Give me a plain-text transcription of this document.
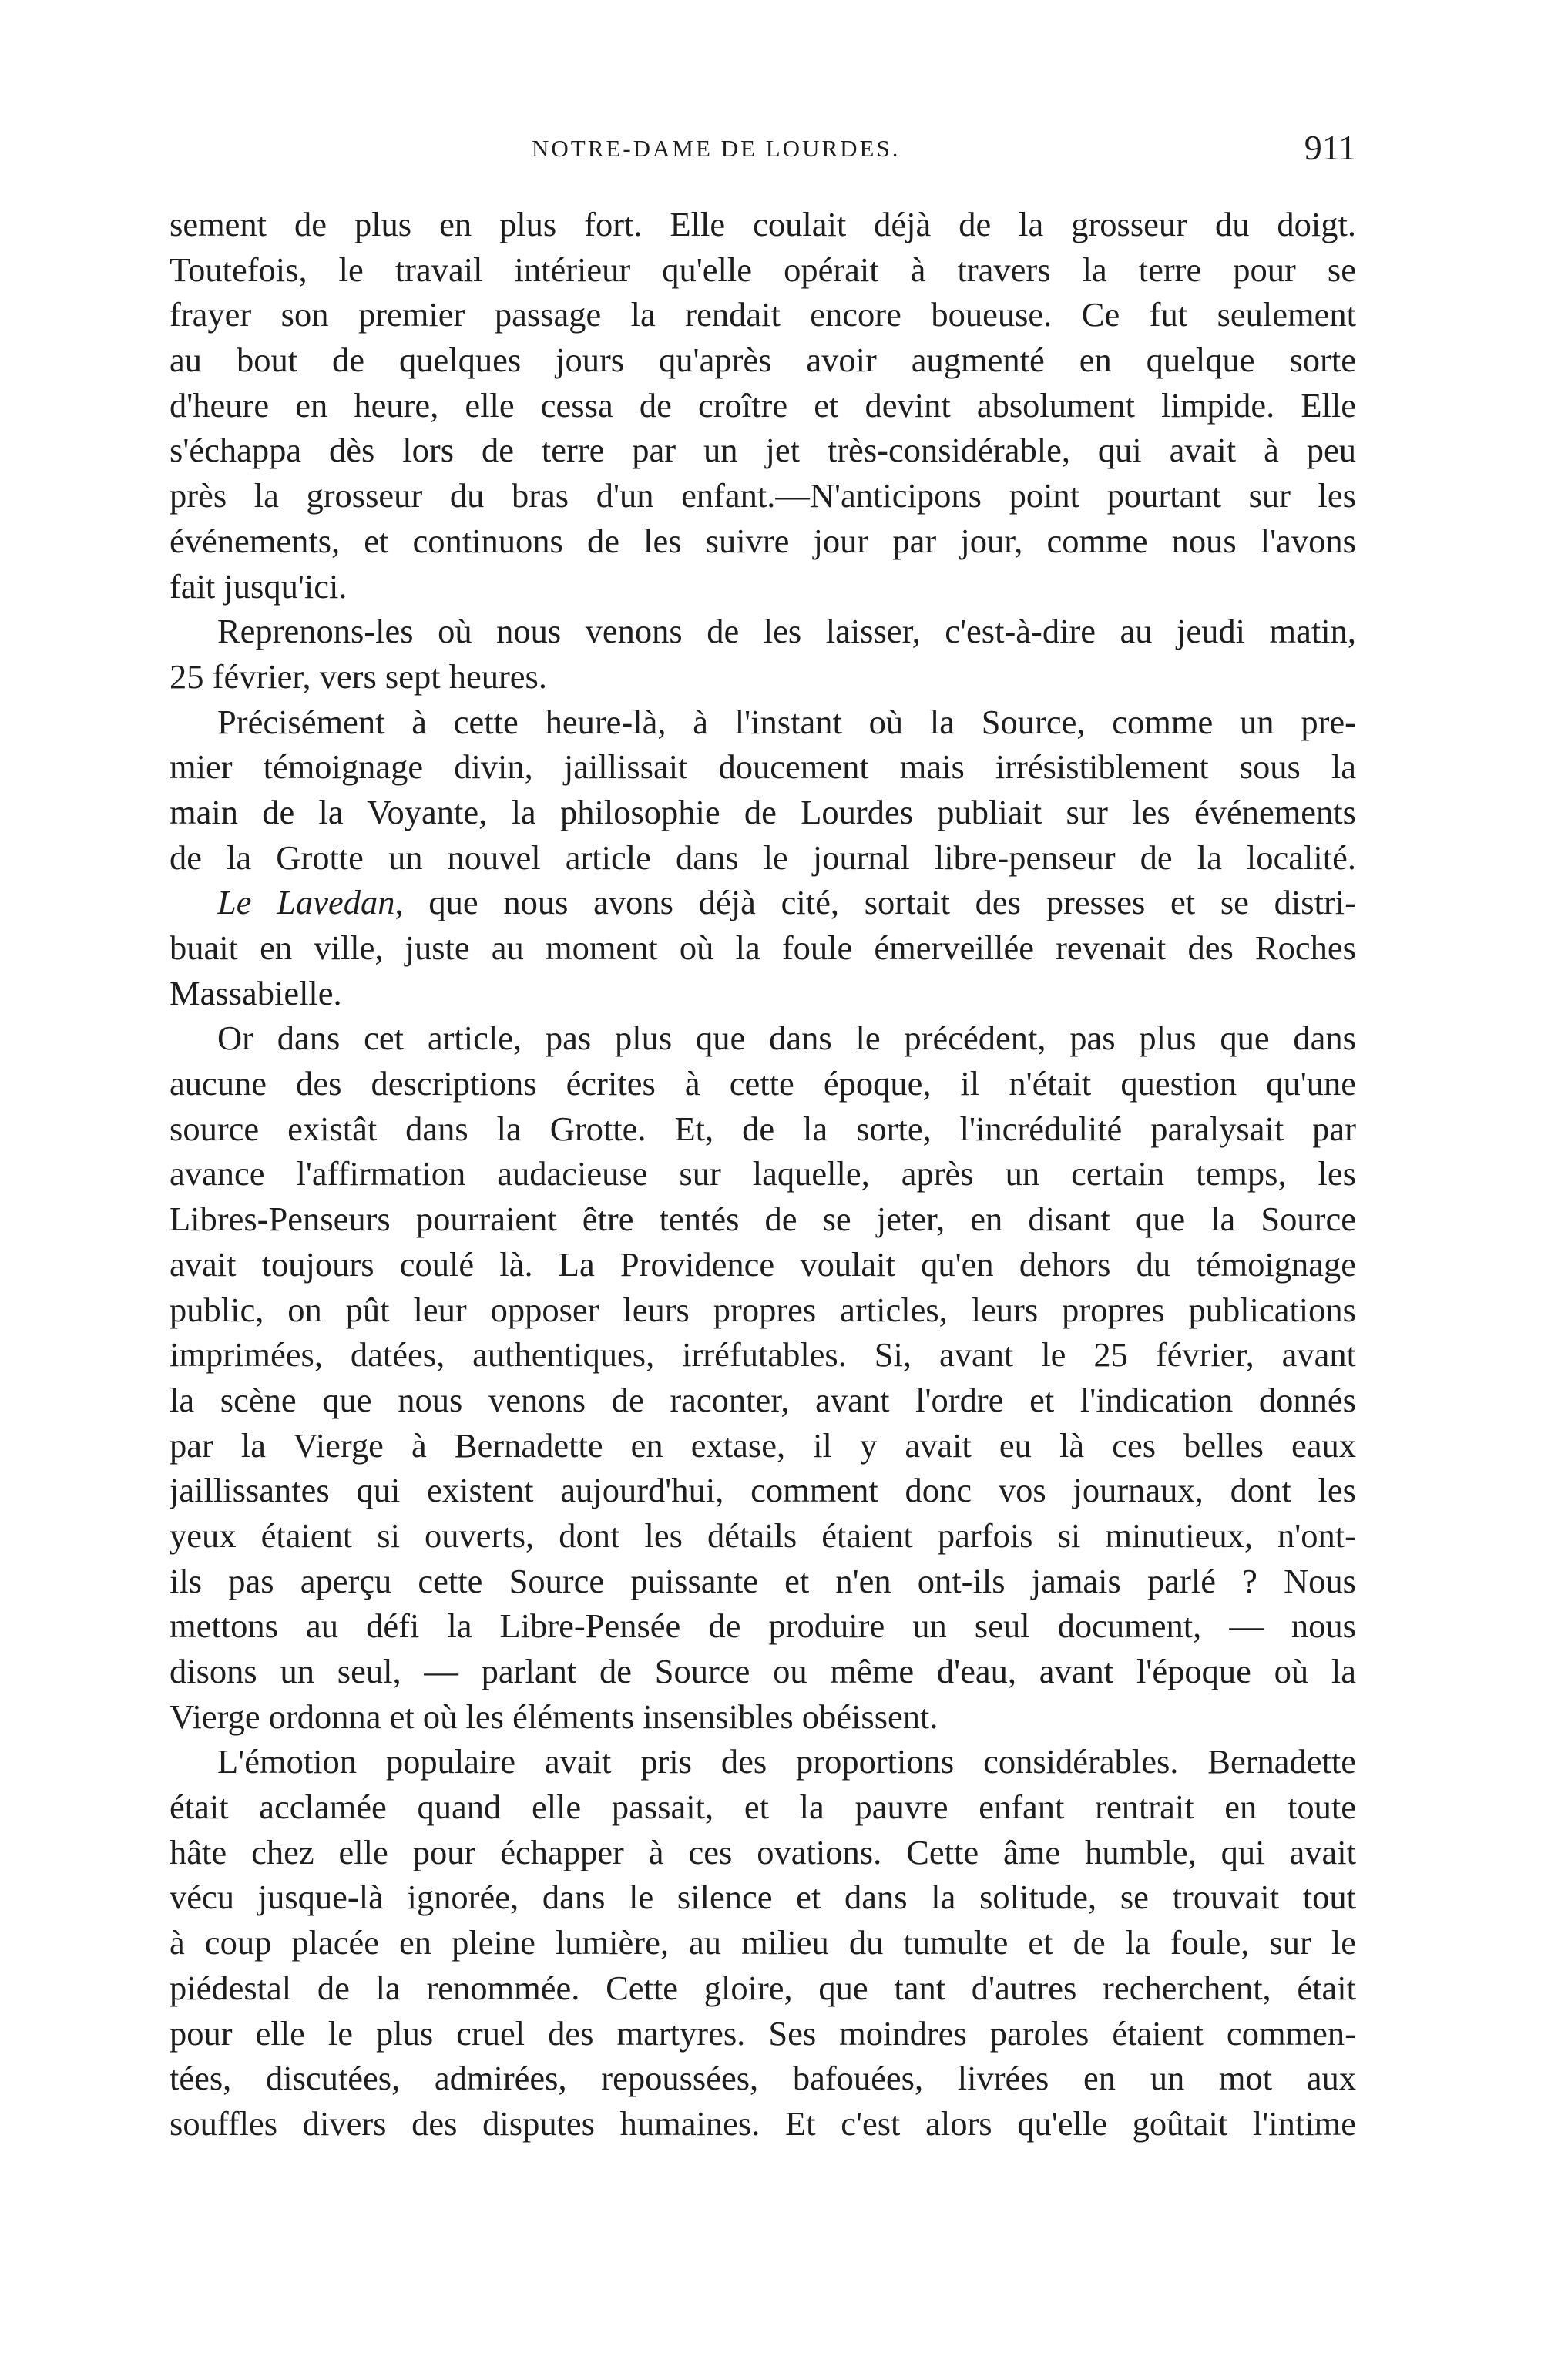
NOTRE-DAME DE LOURDES.	911
sement de plus en plus fort. Elle coulait déjà de la grosseur du doigt.
Toutefois, le travail intérieur qu'elle opérait à travers la terre pour se
frayer son premier passage la rendait encore boueuse. Ce fut seulement
au bout de quelques jours qu'après avoir augmenté en quelque sorte
d'heure en heure, elle cessa de croître et devint absolument limpide. Elle
s'échappa dès lors de terre par un jet très-considérable, qui avait à peu
près la grosseur du bras d'un enfant.—N'anticipons point pourtant sur les
événements, et continuons de les suivre jour par jour, comme nous l'avons
fait jusqu'ici.
Reprenons-les où nous venons de les laisser, c'est-à-dire au jeudi matin,
25 février, vers sept heures.
Précisément à cette heure-là, à l'instant où la Source, comme un pre-
mier témoignage divin, jaillissait doucement mais irrésistiblement sous la
main de la Voyante, la philosophie de Lourdes publiait sur les événements
de la Grotte un nouvel article dans le journal libre-penseur de la localité.
Le Lavedan, que nous avons déjà cité, sortait des presses et se distri-
buait en ville, juste au moment où la foule émerveillée revenait des Roches
Massabielle.
Or dans cet article, pas plus que dans le précédent, pas plus que dans
aucune des descriptions écrites à cette époque, il n'était question qu'une
source existât dans la Grotte. Et, de la sorte, l'incrédulité paralysait par
avance l'affirmation audacieuse sur laquelle, après un certain temps, les
Libres-Penseurs pourraient être tentés de se jeter, en disant que la Source
avait toujours coulé là. La Providence voulait qu'en dehors du témoignage
public, on pût leur opposer leurs propres articles, leurs propres publications
imprimées, datées, authentiques, irréfutables. Si, avant le 25 février, avant
la scène que nous venons de raconter, avant l'ordre et l'indication donnés
par la Vierge à Bernadette en extase, il y avait eu là ces belles eaux
jaillissantes qui existent aujourd'hui, comment donc vos journaux, dont les
yeux étaient si ouverts, dont les détails étaient parfois si minutieux, n'ont-
ils pas aperçu cette Source puissante et n'en ont-ils jamais parlé ? Nous
mettons au défi la Libre-Pensée de produire un seul document, — nous
disons un seul, — parlant de Source ou même d'eau, avant l'époque où la
Vierge ordonna et où les éléments insensibles obéissent.
L'émotion populaire avait pris des proportions considérables. Bernadette
était acclamée quand elle passait, et la pauvre enfant rentrait en toute
hâte chez elle pour échapper à ces ovations. Cette âme humble, qui avait
vécu jusque-là ignorée, dans le silence et dans la solitude, se trouvait tout
à coup placée en pleine lumière, au milieu du tumulte et de la foule, sur le
piédestal de la renommée. Cette gloire, que tant d'autres recherchent, était
pour elle le plus cruel des martyres. Ses moindres paroles étaient commen-
tées, discutées, admirées, repoussées, bafouées, livrées en un mot aux
souffles divers des disputes humaines. Et c'est alors qu'elle goûtait l'intime
